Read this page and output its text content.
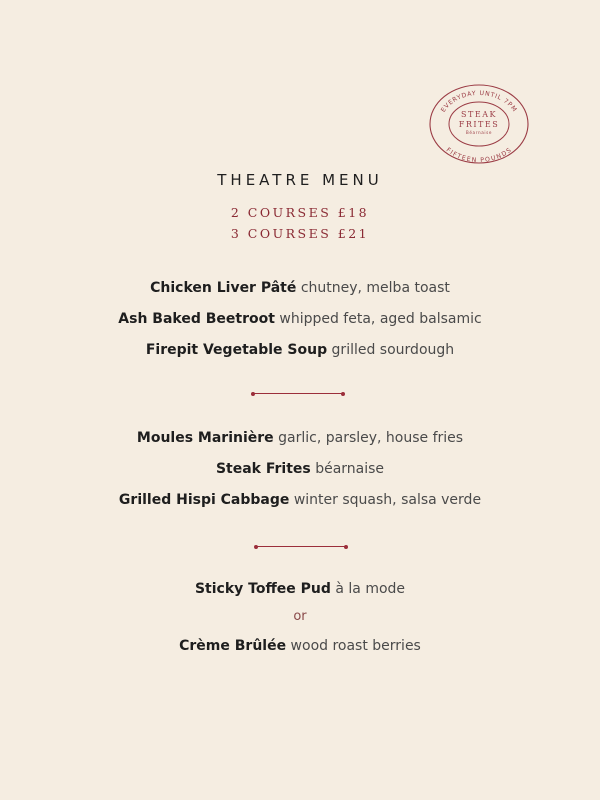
EVERYDAY UNTIL 7PM
FIFTEEN POUNDS
STEAK
FRITES
Béarnaise
THEATRE MENU
2 COURSES £18
3 COURSES £21
Chicken Liver Pâté chutney, melba toast
Ash Baked Beetroot whipped feta, aged balsamic
Firepit Vegetable Soup grilled sourdough
Moules Marinière garlic, parsley, house fries
Steak Frites béarnaise
Grilled Hispi Cabbage winter squash, salsa verde
Sticky Toffee Pud à la mode
or
Crème Brûlée wood roast berries
